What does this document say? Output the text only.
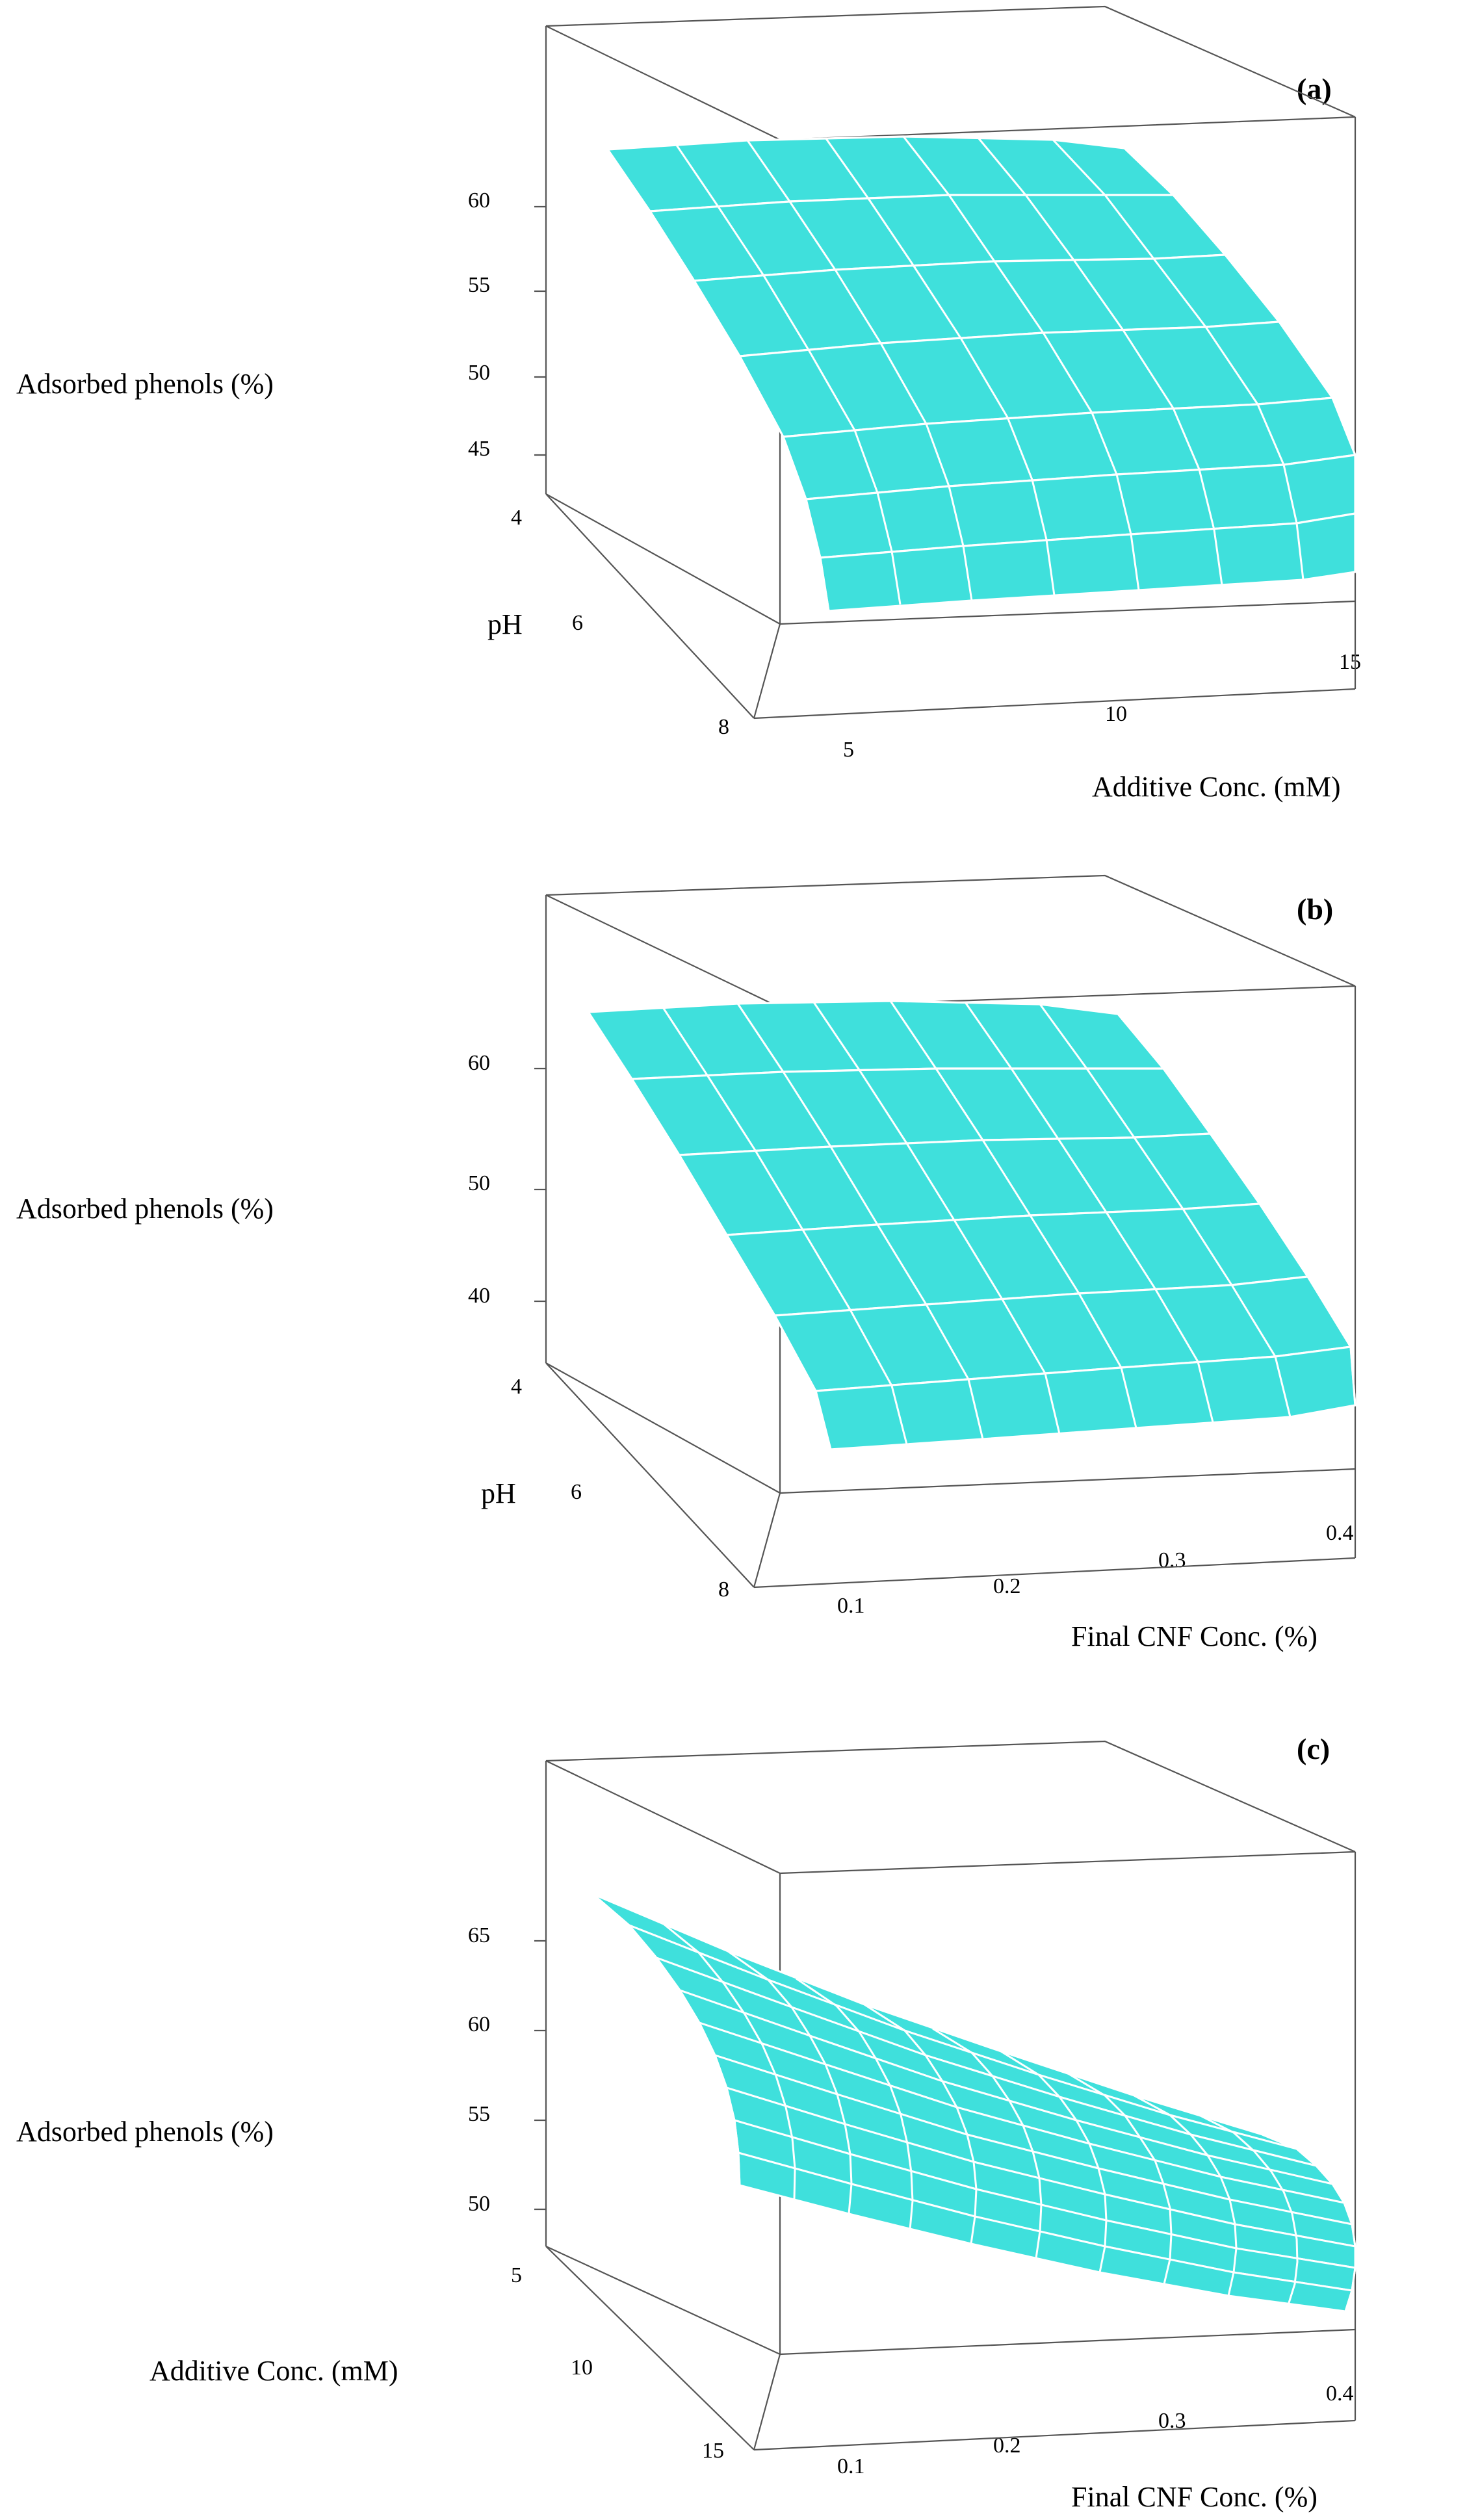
(a)
Adsorbed phenols (%)
pH
Additive Conc. (mM)
60
55
50
45
4
6
8
5
10
15
(b)
Adsorbed phenols (%)
pH
Final CNF Conc. (%)
60
50
40
4
6
8
0.1
0.2
0.3
0.4
(c)
Adsorbed phenols (%)
Additive Conc. (mM)
Final CNF Conc. (%)
65
60
55
50
5
10
15
0.1
0.2
0.3
0.4
